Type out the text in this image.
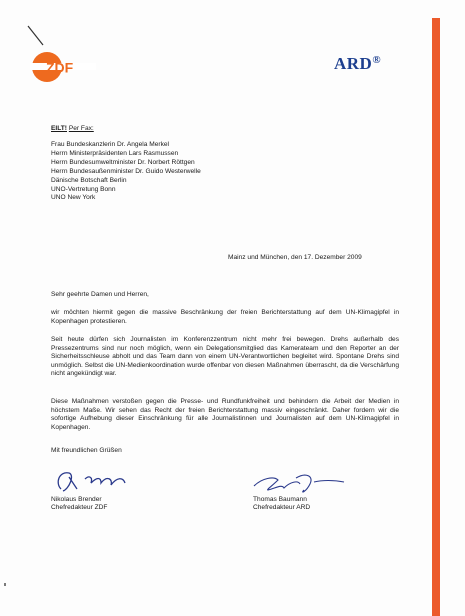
ZDF	ARD®
EILT! Per Fax:
Frau Bundeskanzlerin Dr. Angela Merkel
Herrn Ministerpräsidenten Lars Rasmussen
Herrn Bundesumweltminister Dr. Norbert Röttgen
Herrn Bundesaußenminister Dr. Guido Westerwelle
Dänische Botschaft Berlin
UNO-Vertretung Bonn
UNO New York
Mainz und München, den 17. Dezember 2009
Sehr geehrte Damen und Herren,

wir möchten hiermit gegen die massive Beschränkung der freien Berichterstattung auf dem UN-Klimagipfel in Kopenhagen protestieren.

Seit heute dürfen sich Journalisten im Konferenzzentrum nicht mehr frei bewegen. Drehs außerhalb des Pressezentrums sind nur noch möglich, wenn ein Delegationsmitglied das Kamerateam und den Reporter an der Sicherheitsschleuse abholt und das Team dann von einem UN-Verantwortlichen begleitet wird. Spontane Drehs sind unmöglich. Selbst die UN-Medienkoordination wurde offenbar von diesen Maßnahmen überrascht, da die Verschärfung nicht angekündigt war.

Diese Maßnahmen verstoßen gegen die Presse- und Rundfunkfreiheit und behindern die Arbeit der Medien in höchstem Maße. Wir sehen das Recht der freien Berichterstattung massiv eingeschränkt. Daher fordern wir die sofortige Aufhebung dieser Einschränkung für alle Journalistinnen und Journalisten auf dem UN-Klimagipfel in Kopenhagen.

Mit freundlichen Grüßen
Nikolaus Brender
Chefredakteur ZDF
Thomas Baumann
Chefredakteur ARD
